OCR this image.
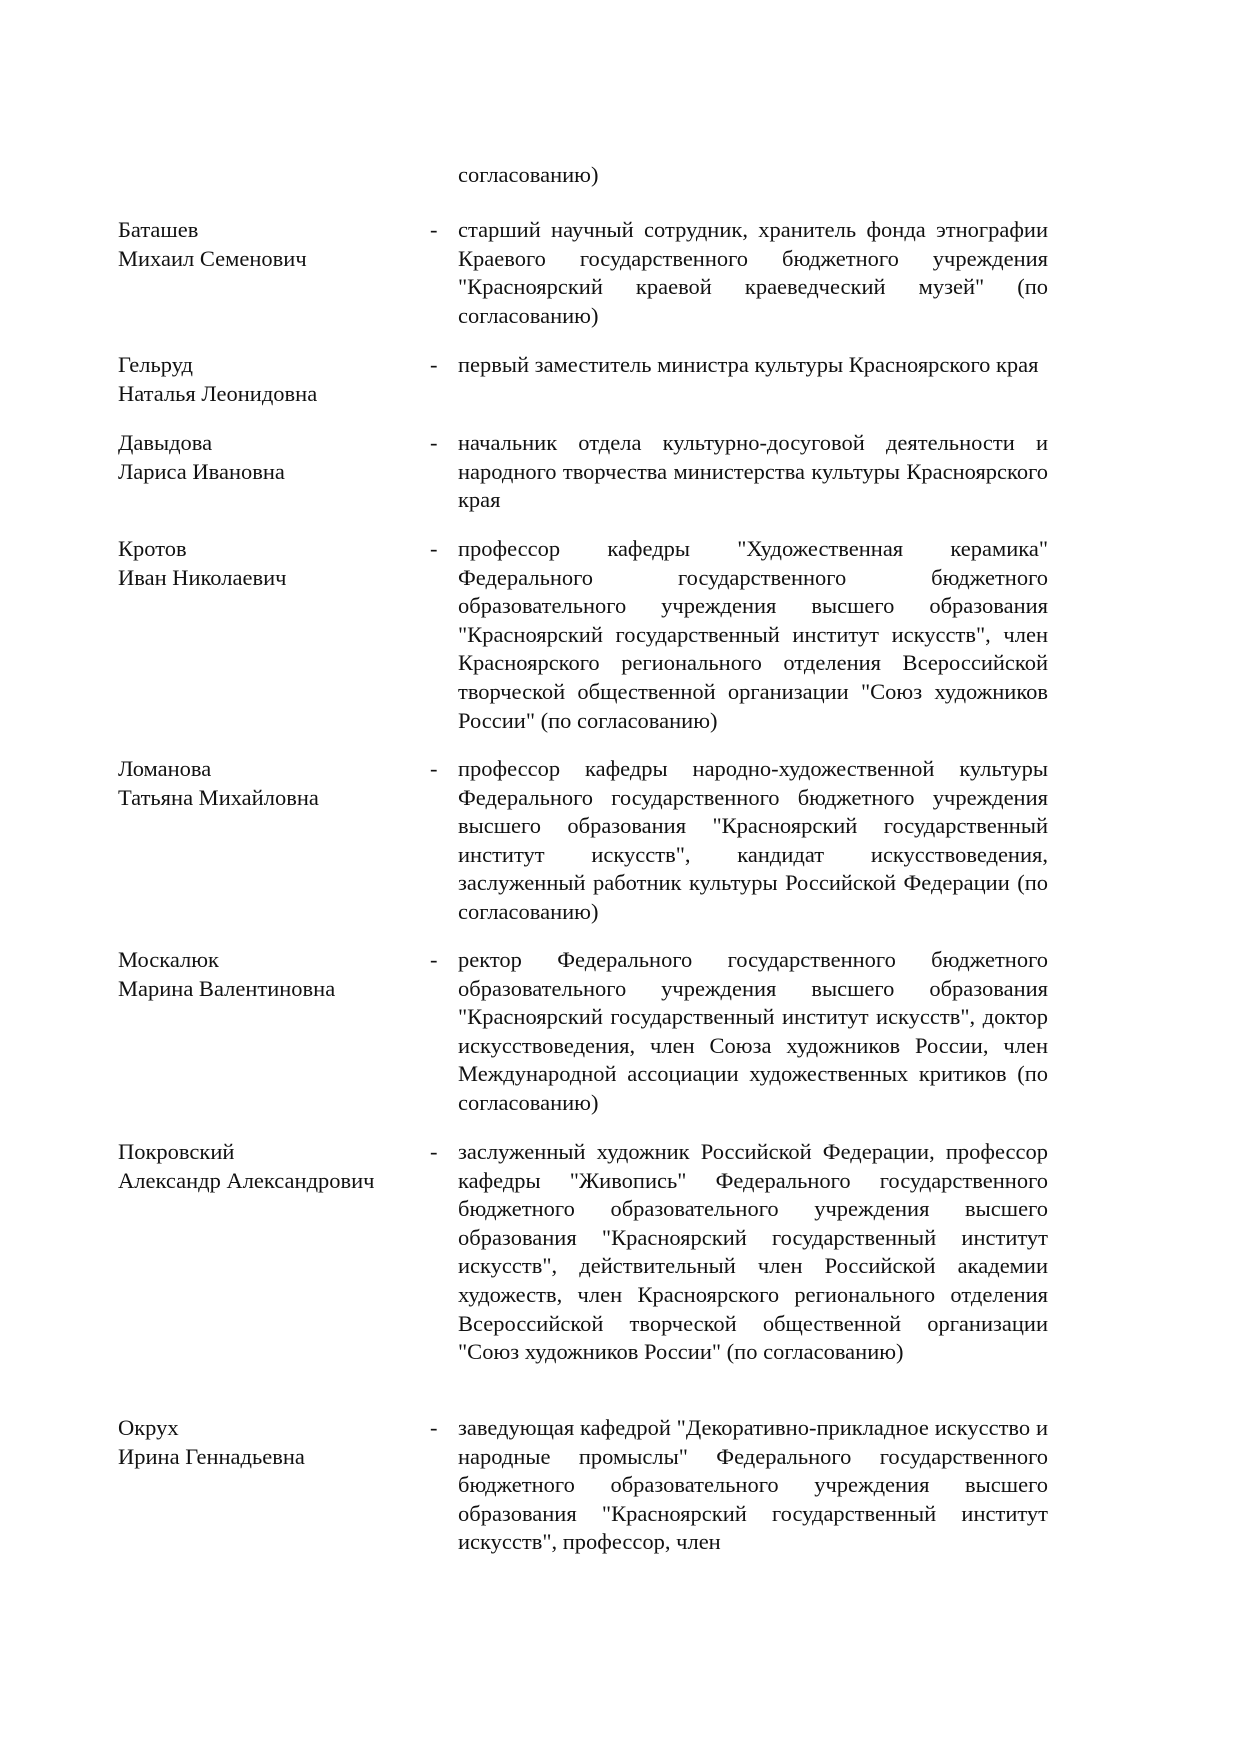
согласованию)
Баташев
Михаил Семенович
- старший научный сотрудник, хранитель фонда этнографии Краевого государственного бюджетного учреждения "Красноярский краевой краеведческий музей" (по согласованию)
Гельруд
Наталья Леонидовна
- первый заместитель министра культуры Красноярского края
Давыдова
Лариса Ивановна
- начальник отдела культурно-досуговой деятельности и народного творчества министерства культуры Красноярского края
Кротов
Иван Николаевич
- профессор кафедры "Художественная керамика" Федерального государственного бюджетного образовательного учреждения высшего образования "Красноярский государственный институт искусств", член Красноярского регионального отделения Всероссийской творческой общественной организации "Союз художников России" (по согласованию)
Ломанова
Татьяна Михайловна
- профессор кафедры народно-художественной культуры Федерального государственного бюджетного учреждения высшего образования "Красноярский государственный институт искусств", кандидат искусствоведения, заслуженный работник культуры Российской Федерации (по согласованию)
Москалюк
Марина Валентиновна
- ректор Федерального государственного бюджетного образовательного учреждения высшего образования "Красноярский государственный институт искусств", доктор искусствоведения, член Союза художников России, член Международной ассоциации художественных критиков (по согласованию)
Покровский
Александр Александрович
- заслуженный художник Российской Федерации, профессор кафедры "Живопись" Федерального государственного бюджетного образовательного учреждения высшего образования "Красноярский государственный институт искусств", действительный член Российской академии художеств, член Красноярского регионального отделения Всероссийской творческой общественной организации "Союз художников России" (по согласованию)
Окрух
Ирина Геннадьевна
- заведующая кафедрой "Декоративно-прикладное искусство и народные промыслы" Федерального государственного бюджетного образовательного учреждения высшего образования "Красноярский государственный институт искусств", профессор, член
